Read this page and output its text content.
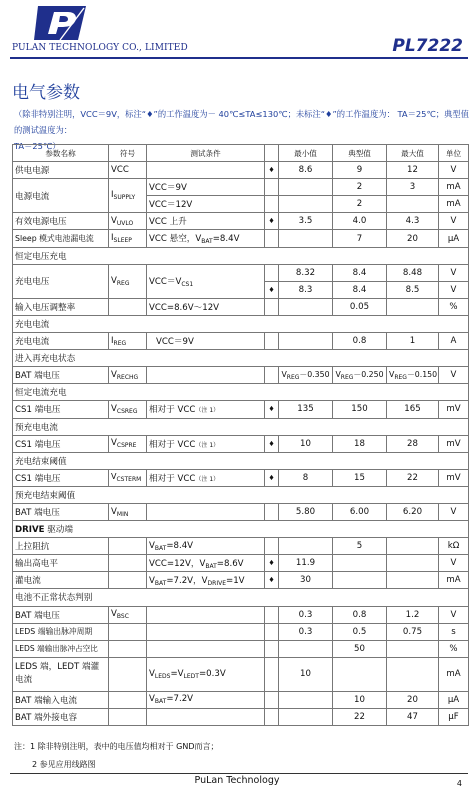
PULAN TECHNOLOGY CO., LIMITED	PL7222
电气参数
（除非特别注明，VCC＝9V，标注“♦”的工作温度为－ 40℃≤TA≤130℃；未标注“♦”的工作温度为： TA＝25℃；典型值的测试温度为：
TA＝25℃）
参数名称	符号	测试条件		最小值	典型值	最大值	单位
供电电源	VCC		♦	8.6	9	12	V
电源电流	$I_{SUPPLY}$	VCC＝9V			2	3	mA
		VCC＝12V			2		mA
有效电源电压	$V_{UVLO}$	VCC 上升	♦	3.5	4.0	4.3	V
Sleep 模式电池漏电流	$I_{SLEEP}$	VCC 悬空，$V_{BAT}=8.4V$			7	20	μA
恒定电压充电							
充电电压	$V_{REG}$	$VCC=V_{CS1}$		8.32	8.4	8.48	V
			♦	8.3	8.4	8.5	V
输入电压调整率		VCC=8.6V～12V			0.05		%
充电电流							
充电电流	$I_{REG}$	VCC＝9V			0.8	1	A
进入再充电状态							
BAT 端电压	$V_{RECHG}$			$V_{REG}-0.350$	$V_{REG}-0.250$	$V_{REG}-0.150$	V
恒定电流充电							
CS1 端电压	$V_{CSREG}$	相对于 VCC（注 1）	♦	135	150	165	mV
预充电电流							
CS1 端电压	$V_{CSPRE}$	相对于 VCC（注 1）	♦	10	18	28	mV
充电结束阈值							
CS1 端电压	$V_{CSTERM}$	相对于 VCC（注 1）	♦	8	15	22	mV
预充电结束阈值							
BAT 端电压	$V_{MIN}$			5.80	6.00	6.20	V
DRIVE 驱动端							
上拉阻抗		$V_{BAT}=8.4V$			5		kΩ
输出高电平		VCC=12V，$V_{BAT}=8.6V$	♦	11.9			V
灌电流		$V_{BAT}=7.2V$，$V_{DRIVE}=1V$	♦	30			mA
电池不正常状态判别							
BAT 端电压	$V_{BSC}$			0.3	0.8	1.2	V
LEDS 端输出脉冲周期				0.3	0.5	0.75	s
LEDS 端输出脉冲占空比					50		%
LEDS 端，LEDT 端灌电流		$V_{LEDS}=V_{LEDT}=0.3V$		10			mA
BAT 端输入电流		$V_{BAT}=7.2V$			10	20	μA
BAT 端外接电容					22	47	μF
注：1 除非特别注明，表中的电压值均相对于 GND而言；
2 参见应用线路图
PuLan Technology	4
